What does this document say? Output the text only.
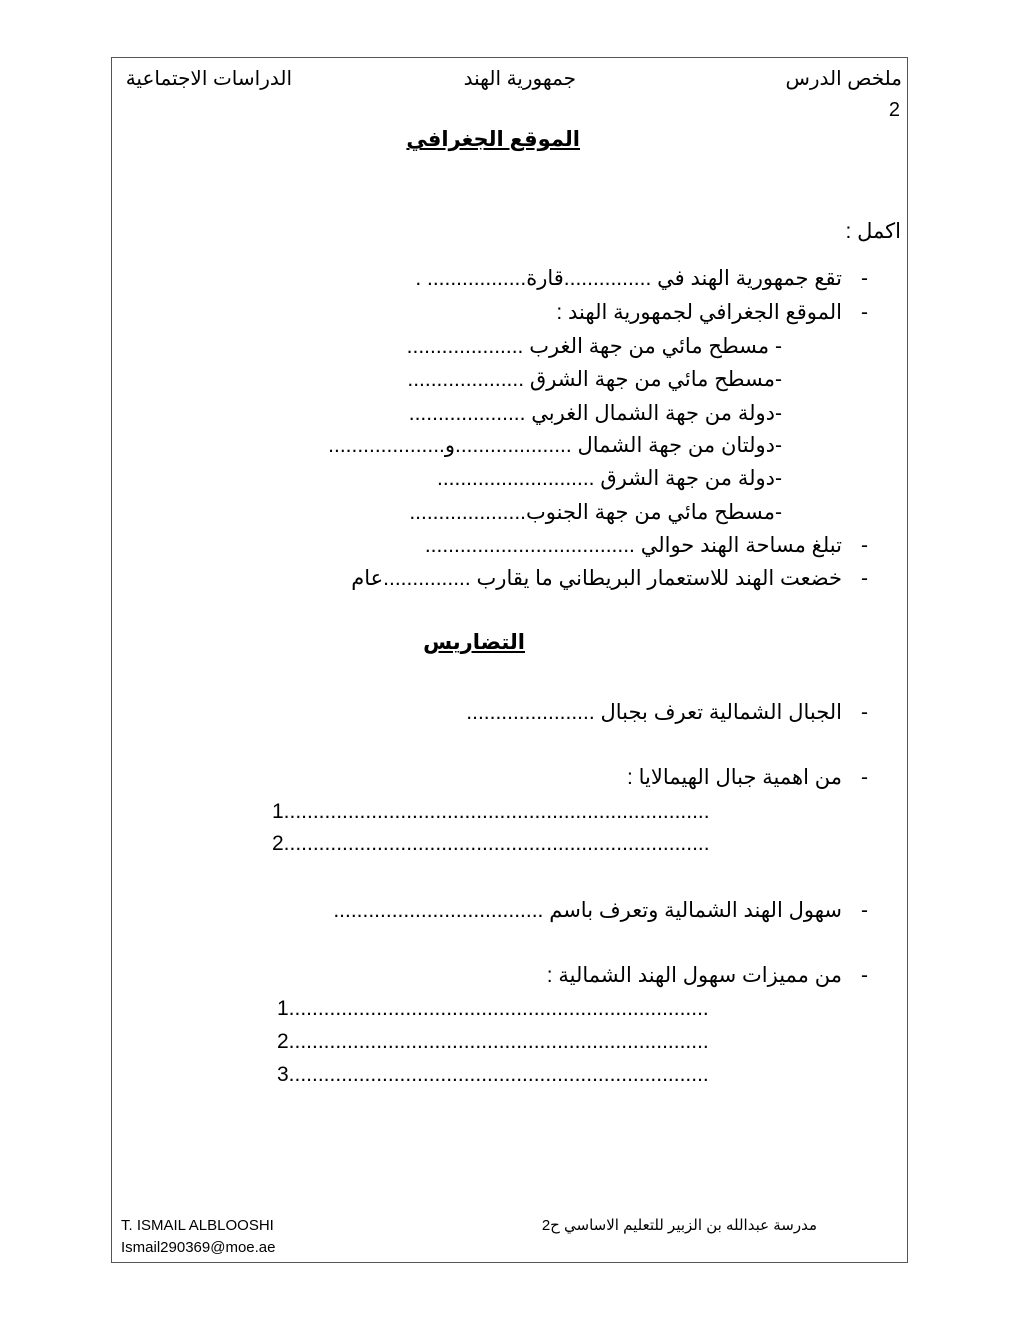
ملخص الدرس
2
جمهورية الهند
الدراسات الاجتماعية
الموقع الجغرافي
اكمل :
-
تقع جمهورية الهند في ...............قارة................. .
-
الموقع الجغرافي لجمهورية الهند :
- مسطح مائي من جهة الغرب ....................
-مسطح مائي من جهة الشرق ....................
-دولة من جهة الشمال الغربي ....................
-دولتان من جهة الشمال ....................و....................
-دولة من جهة الشرق ...........................
-مسطح مائي من جهة الجنوب....................
-
تبلغ مساحة الهند حوالي ....................................
-
خضعت الهند للاستعمار البريطاني ما يقارب ...............عام
التضاريس
-
الجبال الشمالية تعرف بجبال ......................
-
من اهمية جبال الهيمالايا :
1.........................................................................
2.........................................................................
-
سهول الهند الشمالية وتعرف باسم ....................................
-
من مميزات سهول الهند الشمالية :
1........................................................................
2........................................................................
3........................................................................
مدرسة عبدالله بن الزبير للتعليم الاساسي ح2
T. ISMAIL ALBLOOSHI
Ismail290369@moe.ae
